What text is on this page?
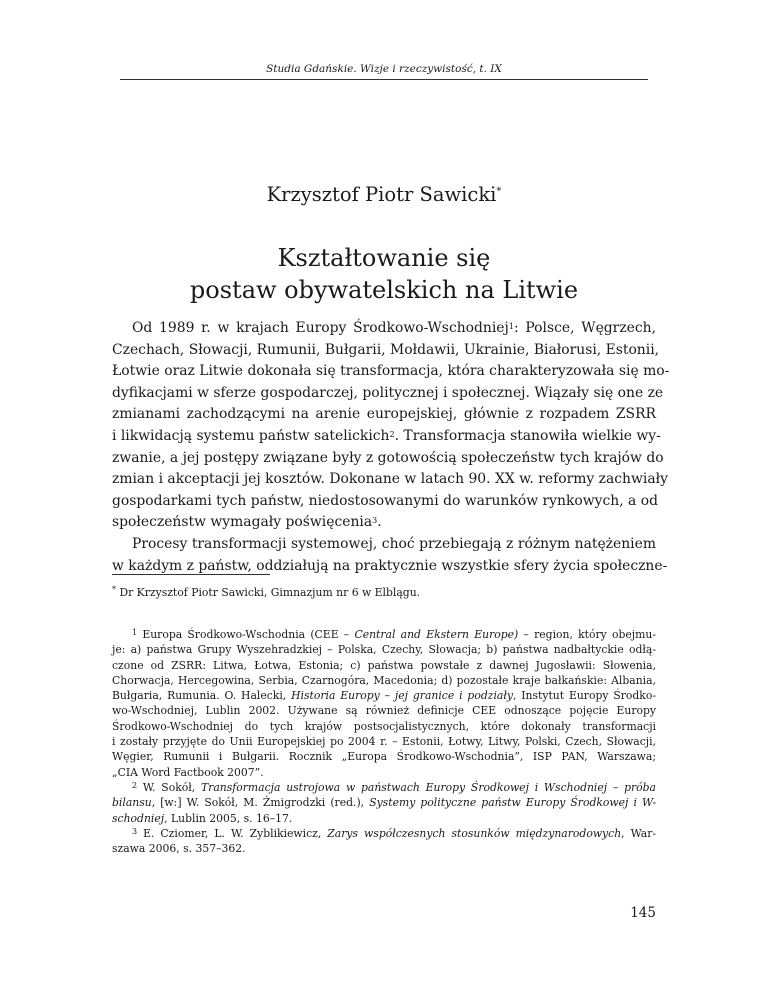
Studia Gdańskie. Wizje i rzeczywistość, t. IX
Krzysztof Piotr Sawicki*
Kształtowanie się
postaw obywatelskich na Litwie
Od 1989 r. w krajach Europy Środkowo-Wschodniej$^1$: Polsce, Węgrzech,
Czechach, Słowacji, Rumunii, Bułgarii, Mołdawii, Ukrainie, Białorusi, Estonii,
Łotwie oraz Litwie dokonała się transformacja, która charakteryzowała się mo-
dyfikacjami w sferze gospodarczej, politycznej i społecznej. Wiązały się one ze
zmianami zachodzącymi na arenie europejskiej, głównie z rozpadem ZSRR
i likwidacją systemu państw satelickich$^2$. Transformacja stanowiła wielkie wy-
zwanie, a jej postępy związane były z gotowością społeczeństw tych krajów do
zmian i akceptacji jej kosztów. Dokonane w latach 90. XX w. reformy zachwiały
gospodarkami tych państw, niedostosowanymi do warunków rynkowych, a od
społeczeństw wymagały poświęcenia$^3$.
Procesy transformacji systemowej, choć przebiegają z różnym natężeniem
w każdym z państw, oddziałują na praktycznie wszystkie sfery życia społeczne-
* Dr Krzysztof Piotr Sawicki, Gimnazjum nr 6 w Elblągu.
$^1$ Europa Środkowo-Wschodnia (CEE – Central and Ekstern Europe) – region, który obejmu-
je: a) państwa Grupy Wyszehradzkiej – Polska, Czechy, Słowacja; b) państwa nadbałtyckie odłą-
czone od ZSRR: Litwa, Łotwa, Estonia; c) państwa powstałe z dawnej Jugosławii: Słowenia,
Chorwacja, Hercegowina, Serbia, Czarnogóra, Macedonia; d) pozostałe kraje bałkańskie: Albania,
Bułgaria, Rumunia. O. Halecki, Historia Europy – jej granice i podziały, Instytut Europy Środko-
wo-Wschodniej, Lublin 2002. Używane są również definicje CEE odnoszące pojęcie Europy
Środkowo-Wschodniej do tych krajów postsocjalistycznych, które dokonały transformacji
i zostały przyjęte do Unii Europejskiej po 2004 r. – Estonii, Łotwy, Litwy, Polski, Czech, Słowacji,
Węgier, Rumunii i Bułgarii. Rocznik „Europa Środkowo-Wschodnia”, ISP PAN, Warszawa;
„CIA Word Factbook 2007”.
$^2$ W. Sokół, Transformacja ustrojowa w państwach Europy Środkowej i Wschodniej – próba
bilansu, [w:] W. Sokół, M. Żmigrodzki (red.), Systemy polityczne państw Europy Środkowej i W-
schodniej, Lublin 2005, s. 16–17.
$^3$ E. Cziomer, L. W. Zyblikiewicz, Zarys współczesnych stosunków międzynarodowych, War-
szawa 2006, s. 357–362.
145
